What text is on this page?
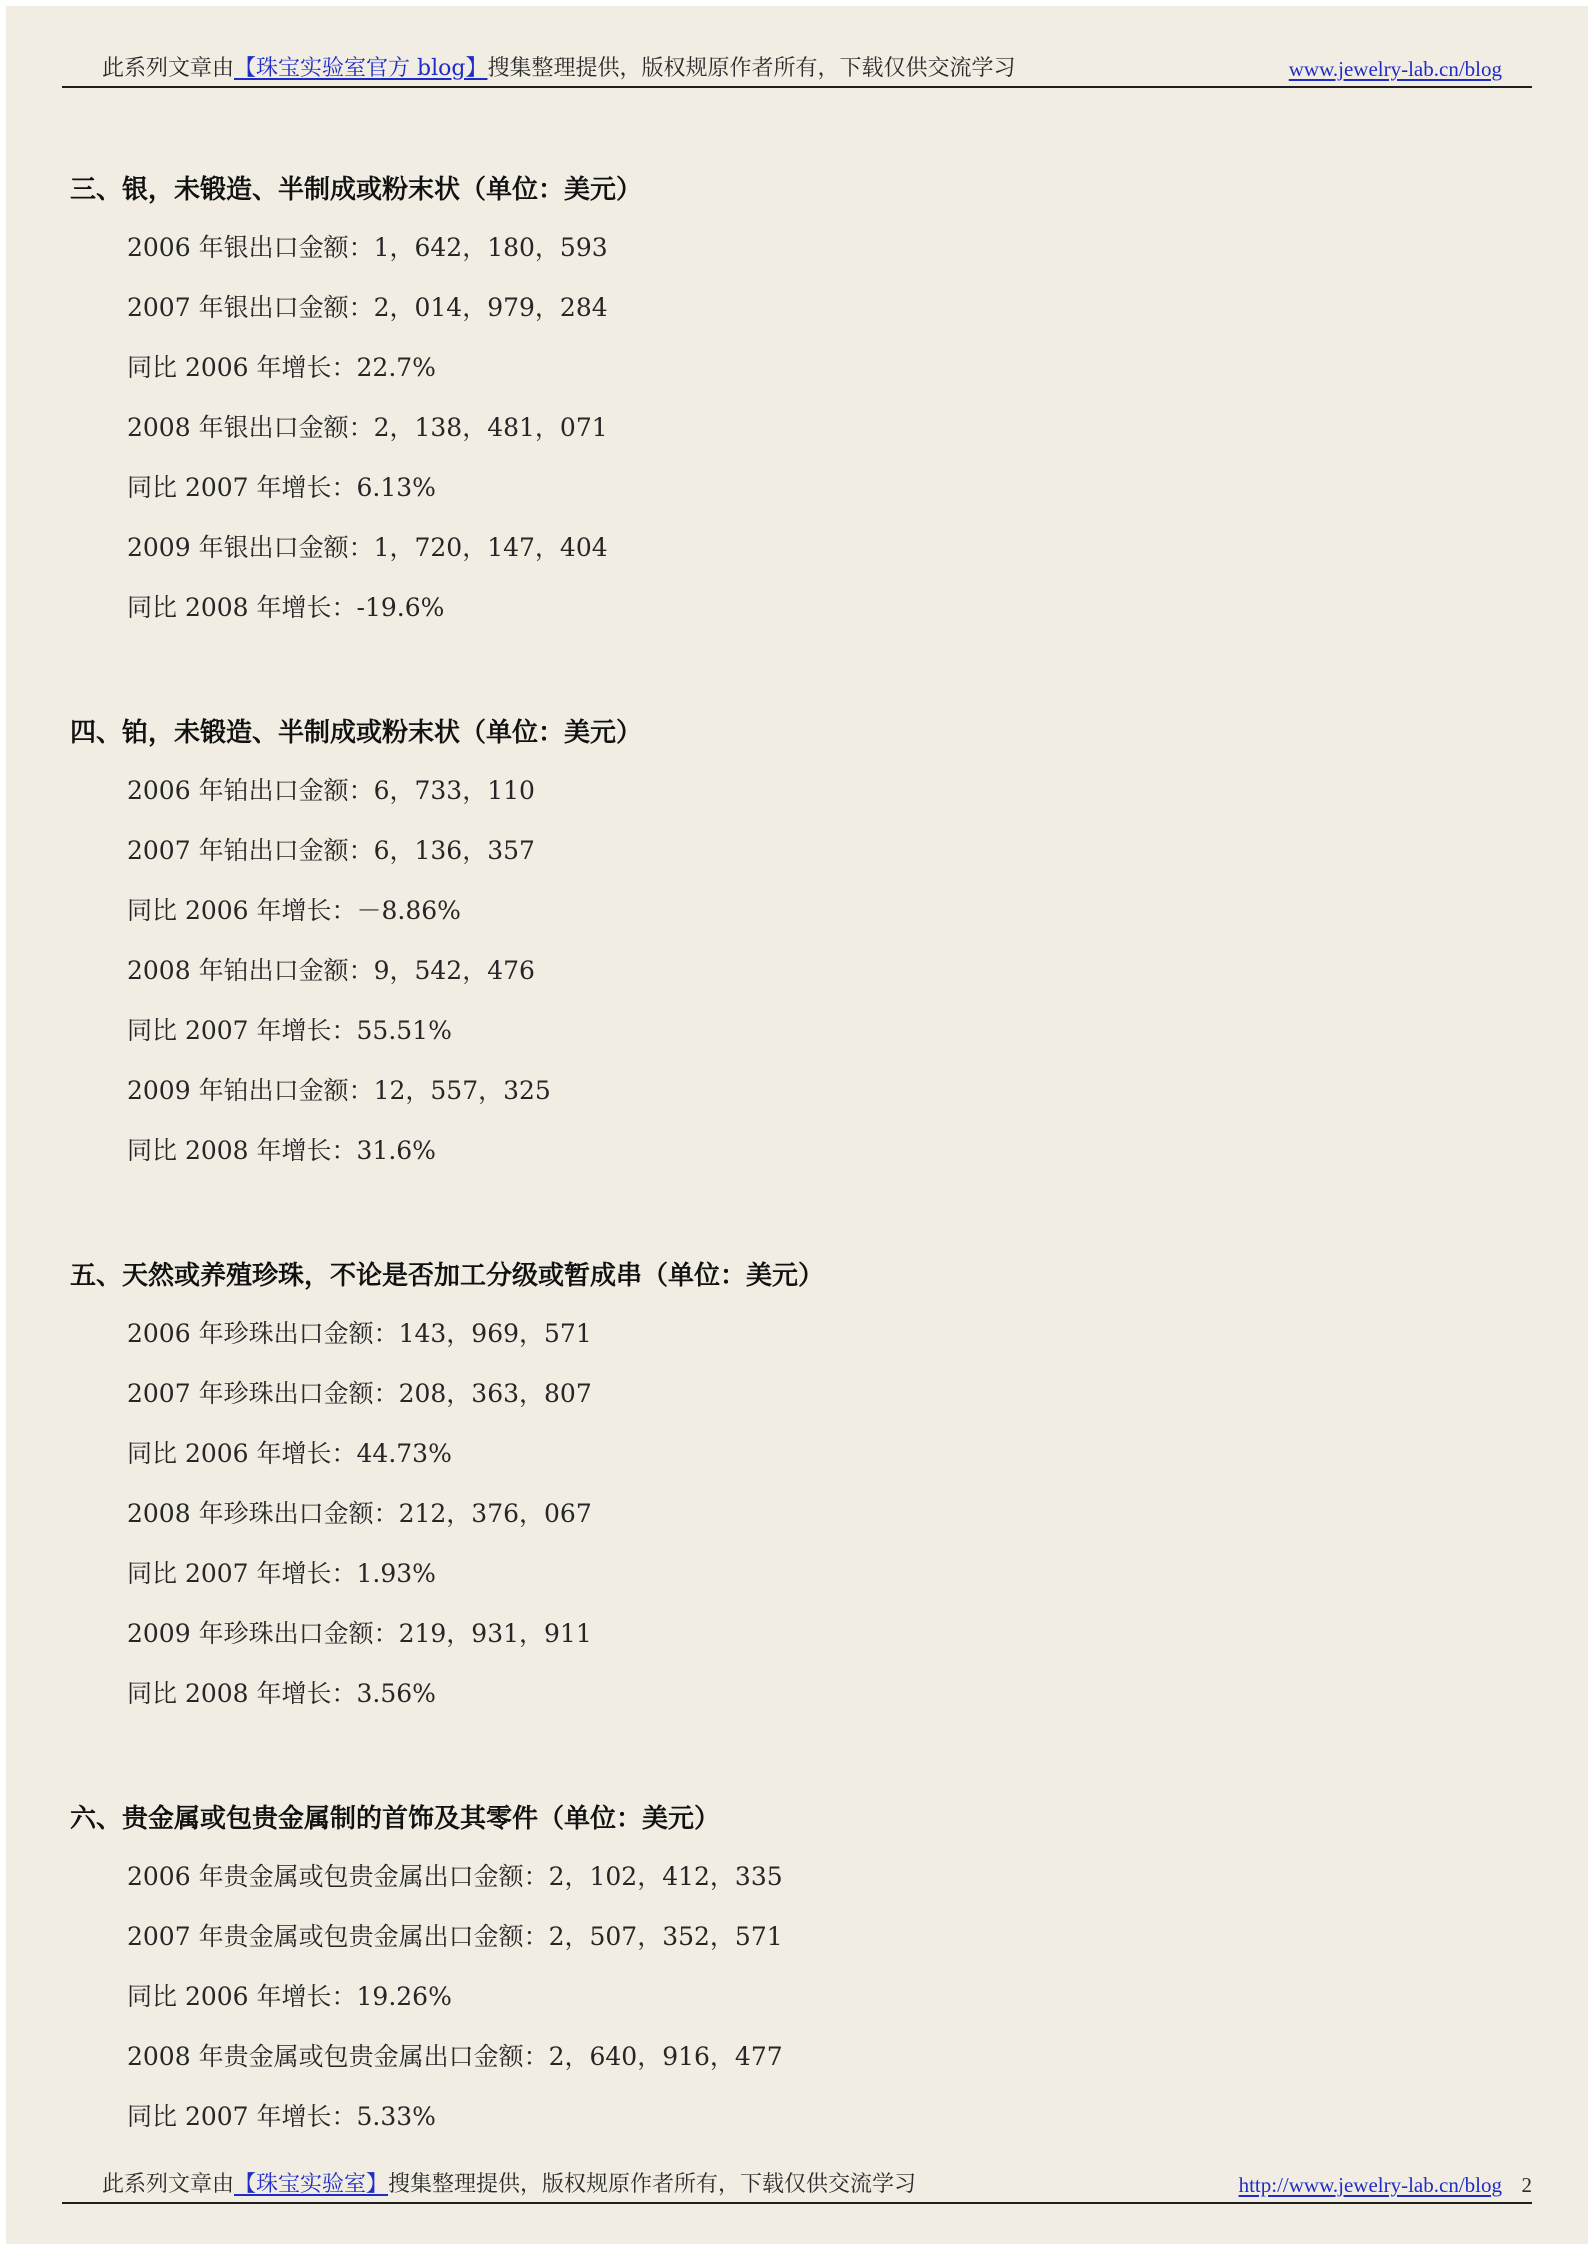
此系列文章由【珠宝实验室官方 blog】搜集整理提供，版权规原作者所有，下载仅供交流学习	www.jewelry-lab.cn/blog
三、银，未锻造、半制成或粉末状（单位：美元）
2006 年银出口金额：1，642，180，593
2007 年银出口金额：2，014，979，284
同比 2006 年增长：22.7%
2008 年银出口金额：2，138，481，071
同比 2007 年增长：6.13%
2009 年银出口金额：1，720，147，404
同比 2008 年增长：-19.6%
四、铂，未锻造、半制成或粉末状（单位：美元）
2006 年铂出口金额：6，733，110
2007 年铂出口金额：6，136，357
同比 2006 年增长：－8.86%
2008 年铂出口金额：9，542，476
同比 2007 年增长：55.51%
2009 年铂出口金额：12，557，325
同比 2008 年增长：31.6%
五、天然或养殖珍珠，不论是否加工分级或暂成串（单位：美元）
2006 年珍珠出口金额：143，969，571
2007 年珍珠出口金额：208，363，807
同比 2006 年增长：44.73%
2008 年珍珠出口金额：212，376，067
同比 2007 年增长：1.93%
2009 年珍珠出口金额：219，931，911
同比 2008 年增长：3.56%
六、贵金属或包贵金属制的首饰及其零件（单位：美元）
2006 年贵金属或包贵金属出口金额：2，102，412，335
2007 年贵金属或包贵金属出口金额：2，507，352，571
同比 2006 年增长：19.26%
2008 年贵金属或包贵金属出口金额：2，640，916，477
同比 2007 年增长：5.33%
此系列文章由【珠宝实验室】搜集整理提供，版权规原作者所有，下载仅供交流学习	http://www.jewelry-lab.cn/blog 2
